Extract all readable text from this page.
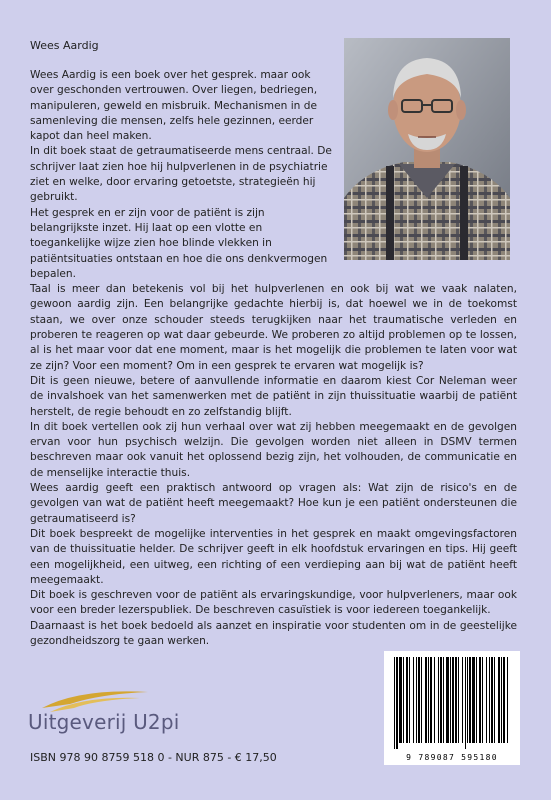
Wees Aardig

Wees Aardig is een boek over het gesprek. maar ook over geschonden vertrouwen. Over liegen, bedriegen, manipuleren, geweld en misbruik. Mechanismen in de samenleving die mensen, zelfs hele gezinnen, eerder kapot dan heel maken.

In dit boek staat de getraumatiseerde mens centraal. De schrijver laat zien hoe hij hulpverlenen in de psychiatrie ziet en welke, door ervaring getoetste, strategieën hij gebruikt.

Het gesprek en er zijn voor de patiënt is zijn belangrijkste inzet. Hij laat op een vlotte en toegankelijke wijze zien hoe blinde vlekken in patiëntsituaties ontstaan en hoe die ons denkvermogen bepalen.

Taal is meer dan betekenis vol bij het hulpverlenen en ook bij wat we vaak nalaten, gewoon aardig zijn. Een belangrijke gedachte hierbij is, dat hoewel we in de toekomst staan, we over onze schouder steeds terugkijken naar het traumatische verleden en proberen te reageren op wat daar gebeurde. We proberen zo altijd problemen op te lossen, al is het maar voor dat ene moment, maar is het mogelijk die problemen te laten voor wat ze zijn? Voor een moment? Om in een gesprek te ervaren wat mogelijk is?

Dit is geen nieuwe, betere of aanvullende informatie en daarom kiest Cor Neleman weer de invalshoek van het samenwerken met de patiënt in zijn thuissituatie waarbij de patiënt herstelt, de regie behoudt en zo zelfstandig blijft.

In dit boek vertellen ook zij hun verhaal over wat zij hebben meegemaakt en de gevolgen ervan voor hun psychisch welzijn. Die gevolgen worden niet alleen in DSMV termen beschreven maar ook vanuit het oplossend bezig zijn, het volhouden, de communicatie en de menselijke interactie thuis.

Wees aardig geeft een praktisch antwoord op vragen als: Wat zijn de risico's en de gevolgen van wat de patiënt heeft meegemaakt? Hoe kun je een patiënt ondersteunen die getraumatiseerd is?

Dit boek bespreekt de mogelijke interventies in het gesprek en maakt omgevingsfactoren van de thuissituatie helder. De schrijver geeft in elk hoofdstuk ervaringen en tips. Hij geeft een mogelijkheid, een uitweg, een richting of een verdieping aan bij wat de patiënt heeft meegemaakt.

Dit boek is geschreven voor de patiënt als ervaringskundige, voor hulpverleners, maar ook voor een breder lezerspubliek. De beschreven casuïstiek is voor iedereen toegankelijk.

Daarnaast is het boek bedoeld als aanzet en inspiratie voor studenten om in de geestelijke gezondheidszorg te gaan werken.

Uitgeverij U2pi
ISBN 978 90 8759 518 0 - NUR 875 - € 17,50	9 789087 595180
